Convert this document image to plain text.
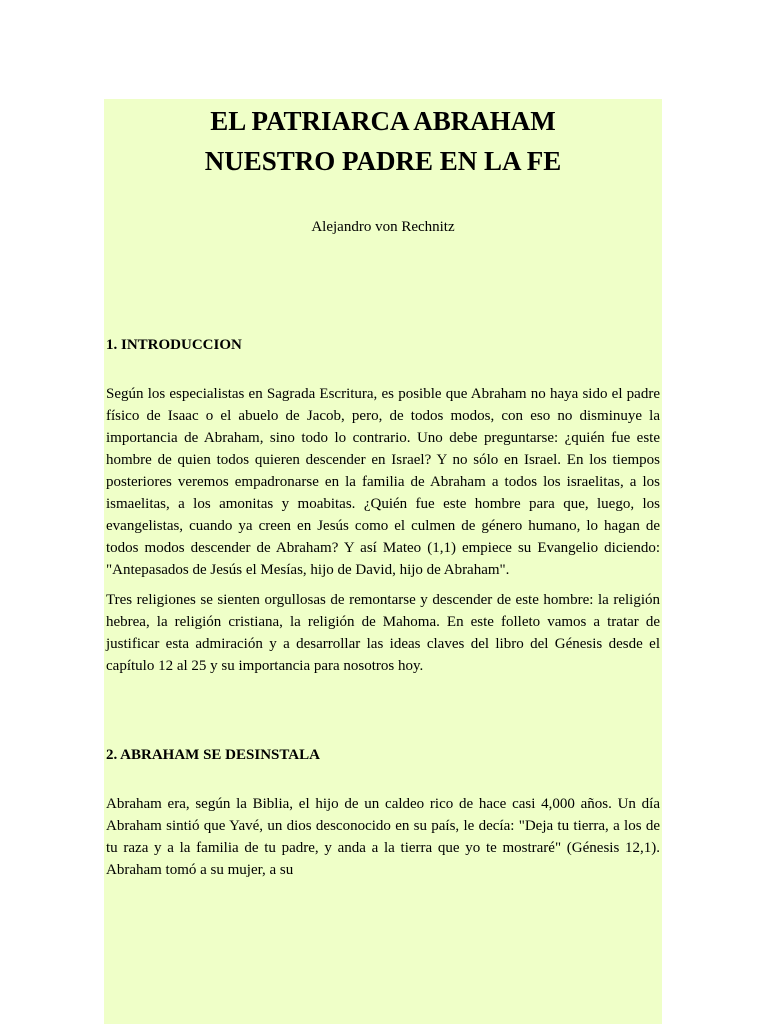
EL PATRIARCA ABRAHAM
NUESTRO PADRE EN LA FE
Alejandro von Rechnitz
1. INTRODUCCION

Según los especialistas en Sagrada Escritura, es posible que Abraham no haya sido el padre físico de Isaac o el abuelo de Jacob, pero, de todos modos, con eso no disminuye la importancia de Abraham, sino todo lo contrario. Uno debe preguntarse: ¿quién fue este hombre de quien todos quieren descender en Israel? Y no sólo en Israel. En los tiempos posteriores veremos empadronarse en la familia de Abraham a todos los israelitas, a los ismaelitas, a los amonitas y moabitas. ¿Quién fue este hombre para que, luego, los evangelistas, cuando ya creen en Jesús como el culmen de género humano, lo hagan de todos modos descender de Abraham? Y así Mateo (1,1) empiece su Evangelio diciendo: "Antepasados de Jesús el Mesías, hijo de David, hijo de Abraham".

Tres religiones se sienten orgullosas de remontarse y descender de este hombre: la religión hebrea, la religión cristiana, la religión de Mahoma. En este folleto vamos a tratar de justificar esta admiración y a desarrollar las ideas claves del libro del Génesis desde el capítulo 12 al 25 y su importancia para nosotros hoy.

2. ABRAHAM SE DESINSTALA

Abraham era, según la Biblia, el hijo de un caldeo rico de hace casi 4,000 años. Un día Abraham sintió que Yavé, un dios desconocido en su país, le decía: "Deja tu tierra, a los de tu raza y a la familia de tu padre, y anda a la tierra que yo te mostraré" (Génesis 12,1). Abraham tomó a su mujer, a su
